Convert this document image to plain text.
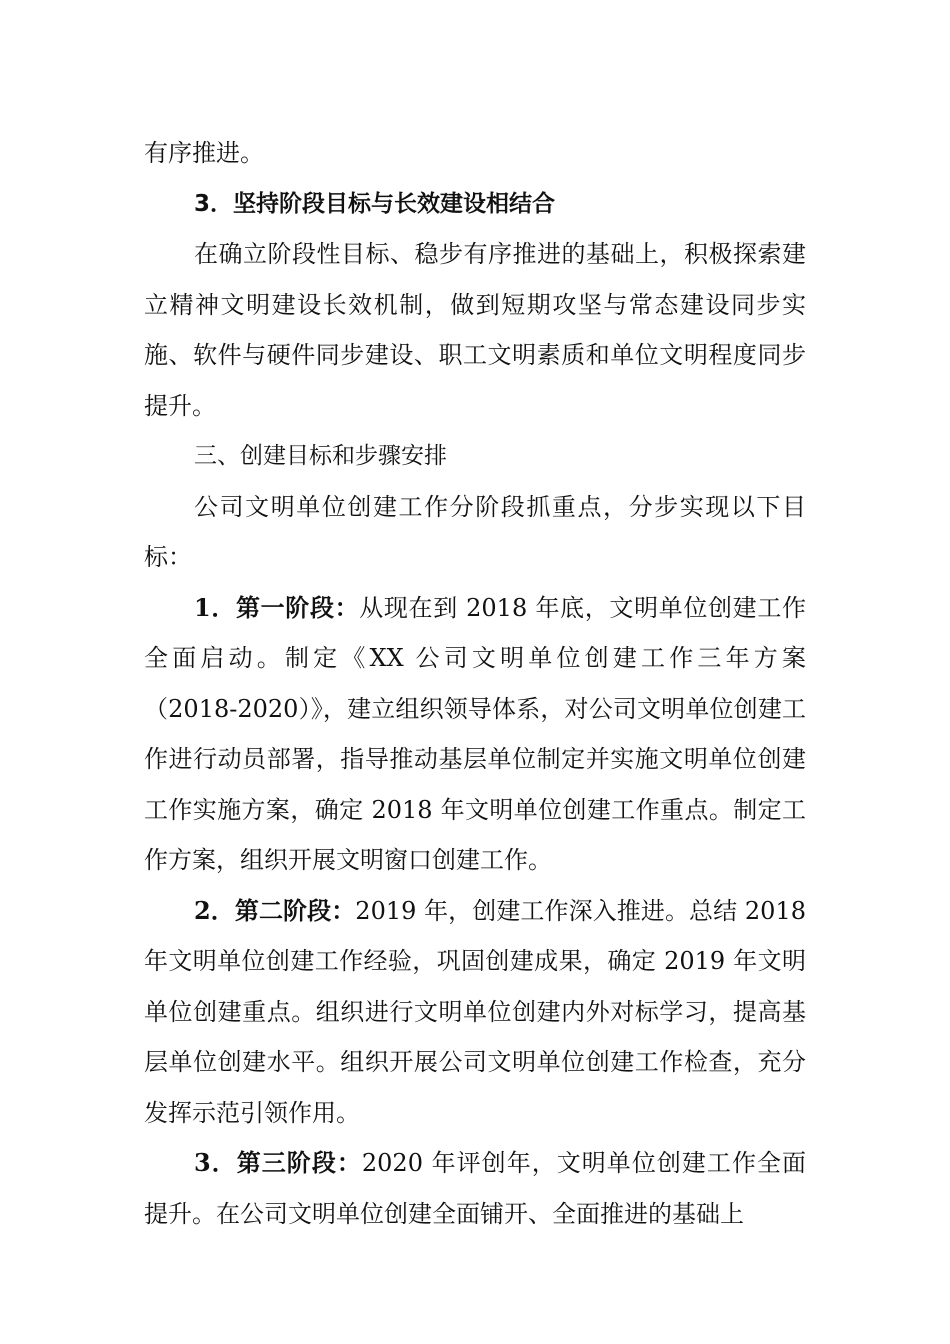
有序推进。

3．坚持阶段目标与长效建设相结合

在确立阶段性目标、稳步有序推进的基础上，积极探索建立精神文明建设长效机制，做到短期攻坚与常态建设同步实施、软件与硬件同步建设、职工文明素质和单位文明程度同步提升。

三、创建目标和步骤安排

公司文明单位创建工作分阶段抓重点，分步实现以下目标：

1．第一阶段：从现在到 2018 年底，文明单位创建工作全面启动。制定《XX 公司文明单位创建工作三年方案（2018-2020）》，建立组织领导体系，对公司文明单位创建工作进行动员部署，指导推动基层单位制定并实施文明单位创建工作实施方案，确定 2018 年文明单位创建工作重点。制定工作方案，组织开展文明窗口创建工作。

2．第二阶段：2019 年，创建工作深入推进。总结 2018 年文明单位创建工作经验，巩固创建成果，确定 2019 年文明单位创建重点。组织进行文明单位创建内外对标学习，提高基层单位创建水平。组织开展公司文明单位创建工作检查，充分发挥示范引领作用。

3．第三阶段：2020 年评创年，文明单位创建工作全面提升。在公司文明单位创建全面铺开、全面推进的基础上
